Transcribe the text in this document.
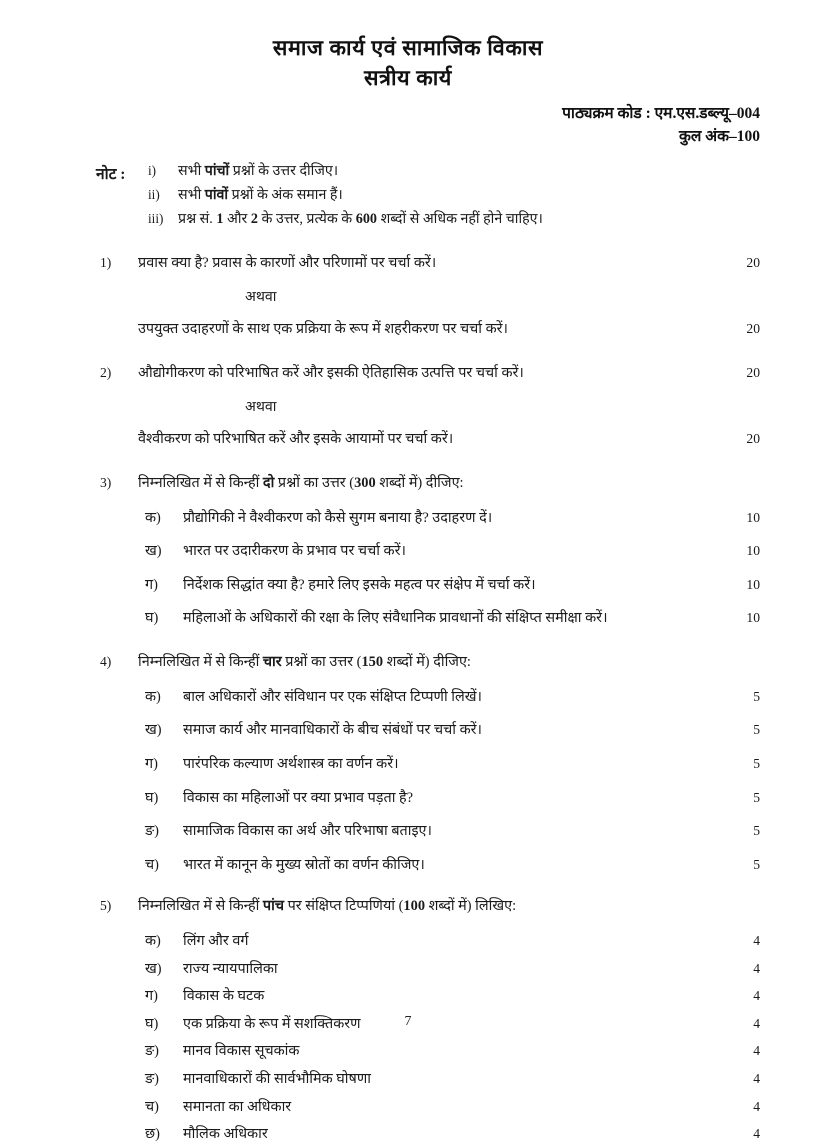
समाज कार्य एवं सामाजिक विकास
सत्रीय कार्य
पाठ्यक्रम कोड : एम.एस.डब्ल्यू–004
कुल अंक–100
नोट : i)	सभी पांचों प्रश्नों के उत्तर दीजिए।
ii)	सभी पांवों प्रश्नों के अंक समान हैं।
iii)	प्रश्न सं. 1 और 2 के उत्तर, प्रत्येक के 600 शब्दों से अधिक नहीं होने चाहिए।
1)	प्रवास क्या है? प्रवास के कारणों और परिणामों पर चर्चा करें।	20
अथवा
उपयुक्त उदाहरणों के साथ एक प्रक्रिया के रूप में शहरीकरण पर चर्चा करें।	20
2)	औद्योगीकरण को परिभाषित करें और इसकी ऐतिहासिक उत्पत्ति पर चर्चा करें।	20
अथवा
वैश्वीकरण को परिभाषित करें और इसके आयामों पर चर्चा करें।	20
3)	निम्नलिखित में से किन्हीं दो प्रश्नों का उत्तर (300 शब्दों में) दीजिए:
क)	प्रौद्योगिकी ने वैश्वीकरण को कैसे सुगम बनाया है? उदाहरण दें।	10
ख)	भारत पर उदारीकरण के प्रभाव पर चर्चा करें।	10
ग)	निर्देशक सिद्धांत क्या है? हमारे लिए इसके महत्व पर संक्षेप में चर्चा करें।	10
घ)	महिलाओं के अधिकारों की रक्षा के लिए संवैधानिक प्रावधानों की संक्षिप्त समीक्षा करें।	10
4)	निम्नलिखित में से किन्हीं चार प्रश्नों का उत्तर (150 शब्दों में) दीजिए:
क)	बाल अधिकारों और संविधान पर एक संक्षिप्त टिप्पणी लिखें।	5
ख)	समाज कार्य और मानवाधिकारों के बीच संबंधों पर चर्चा करें।	5
ग)	पारंपरिक कल्याण अर्थशास्त्र का वर्णन करें।	5
घ)	विकास का महिलाओं पर क्या प्रभाव पड़ता है?	5
ङ)	सामाजिक विकास का अर्थ और परिभाषा बताइए।	5
च)	भारत में कानून के मुख्य स्रोतों का वर्णन कीजिए।	5
5)	निम्नलिखित में से किन्हीं पांच पर संक्षिप्त टिप्पणियां (100 शब्दों में) लिखिए:
क)	लिंग और वर्ग	4
ख)	राज्य न्यायपालिका	4
ग)	विकास के घटक	4
घ)	एक प्रक्रिया के रूप में सशक्तिकरण	4
ङ)	मानव विकास सूचकांक	4
ङ)	मानवाधिकारों की सार्वभौमिक घोषणा	4
च)	समानता का अधिकार	4
छ)	मौलिक अधिकार	4
7
